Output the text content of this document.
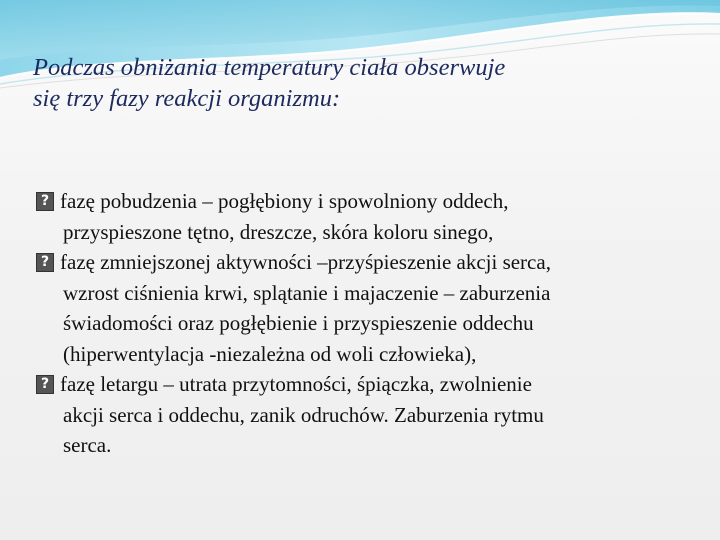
Podczas obniżania temperatury ciała obserwuje
się trzy fazy reakcji organizmu:
?fazę pobudzenia – pogłębiony i spowolniony oddech,
przyspieszone tętno, dreszcze, skóra koloru sinego,
?fazę zmniejszonej aktywności –przyśpieszenie akcji serca,
wzrost ciśnienia krwi, splątanie i majaczenie – zaburzenia
świadomości oraz pogłębienie i przyspieszenie oddechu
(hiperwentylacja -niezależna od woli człowieka),
?fazę letargu – utrata przytomności, śpiączka, zwolnienie
akcji serca i oddechu, zanik odruchów. Zaburzenia rytmu
serca.
